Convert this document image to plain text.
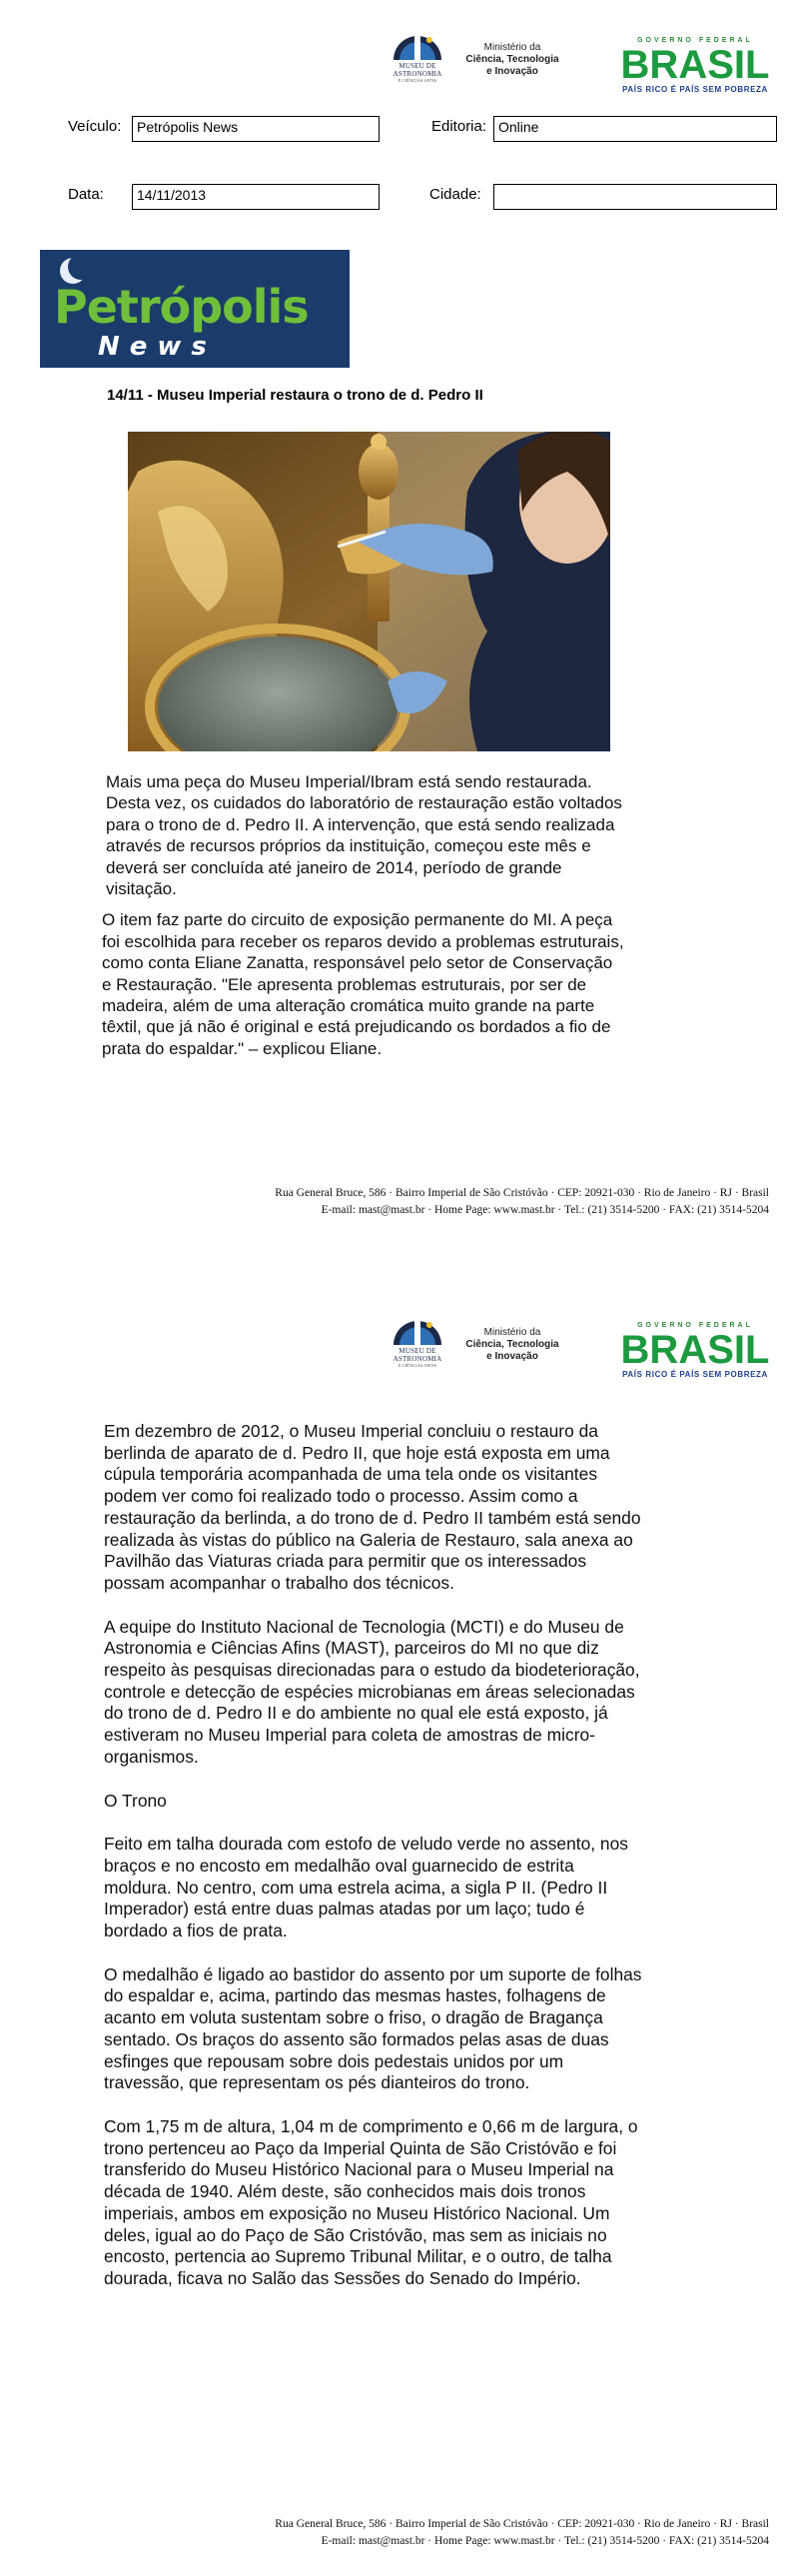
MUSEU DE
ASTRONOMIA
E CIÊNCIAS AFINS
Ministério da
Ciência, Tecnologia
e Inovação
GOVERNO FEDERAL
BRASIL
PAÍS RICO É PAÍS SEM POBREZA
Veículo:	Petrópolis News	Editoria: Online
Data:	14/11/2013	Cidade:
Petrópolis
News
14/11 - Museu Imperial restaura o trono de d. Pedro II

Mais uma peça do Museu Imperial/Ibram está sendo restaurada. Desta vez, os cuidados do laboratório de restauração estão voltados para o trono de d. Pedro II. A intervenção, que está sendo realizada através de recursos próprios da instituição, começou este mês e deverá ser concluída até janeiro de 2014, período de grande visitação.

O item faz parte do circuito de exposição permanente do MI. A peça foi escolhida para receber os reparos devido a problemas estruturais, como conta Eliane Zanatta, responsável pelo setor de Conservação e Restauração. "Ele apresenta problemas estruturais, por ser de madeira, além de uma alteração cromática muito grande na parte têxtil, que já não é original e está prejudicando os bordados a fio de prata do espaldar." – explicou Eliane.

Rua General Bruce, 586 · Bairro Imperial de São Cristóvão · CEP: 20921-030 · Rio de Janeiro · RJ · Brasil
E-mail: mast@mast.br · Home Page: www.mast.br · Tel.: (21) 3514-5200 · FAX: (21) 3514-5204
MUSEU DE
ASTRONOMIA
E CIÊNCIAS AFINS
Ministério da
Ciência, Tecnologia
e Inovação
GOVERNO FEDERAL
BRASIL
PAÍS RICO É PAÍS SEM POBREZA

Em dezembro de 2012, o Museu Imperial concluiu o restauro da berlinda de aparato de d. Pedro II, que hoje está exposta em uma cúpula temporária acompanhada de uma tela onde os visitantes podem ver como foi realizado todo o processo. Assim como a restauração da berlinda, a do trono de d. Pedro II também está sendo realizada às vistas do público na Galeria de Restauro, sala anexa ao Pavilhão das Viaturas criada para permitir que os interessados possam acompanhar o trabalho dos técnicos.

A equipe do Instituto Nacional de Tecnologia (MCTI) e do Museu de Astronomia e Ciências Afins (MAST), parceiros do MI no que diz respeito às pesquisas direcionadas para o estudo da biodeterioração, controle e detecção de espécies microbianas em áreas selecionadas do trono de d. Pedro II e do ambiente no qual ele está exposto, já estiveram no Museu Imperial para coleta de amostras de micro-organismos.

O Trono

Feito em talha dourada com estofo de veludo verde no assento, nos braços e no encosto em medalhão oval guarnecido de estrita moldura. No centro, com uma estrela acima, a sigla P II. (Pedro II Imperador) está entre duas palmas atadas por um laço; tudo é bordado a fios de prata.

O medalhão é ligado ao bastidor do assento por um suporte de folhas do espaldar e, acima, partindo das mesmas hastes, folhagens de acanto em voluta sustentam sobre o friso, o dragão de Bragança sentado. Os braços do assento são formados pelas asas de duas esfinges que repousam sobre dois pedestais unidos por um travessão, que representam os pés dianteiros do trono.

Com 1,75 m de altura, 1,04 m de comprimento e 0,66 m de largura, o trono pertenceu ao Paço da Imperial Quinta de São Cristóvão e foi transferido do Museu Histórico Nacional para o Museu Imperial na década de 1940. Além deste, são conhecidos mais dois tronos imperiais, ambos em exposição no Museu Histórico Nacional. Um deles, igual ao do Paço de São Cristóvão, mas sem as iniciais no encosto, pertencia ao Supremo Tribunal Militar, e o outro, de talha dourada, ficava no Salão das Sessões do Senado do Império.

Rua General Bruce, 586 · Bairro Imperial de São Cristóvão · CEP: 20921-030 · Rio de Janeiro · RJ · Brasil
E-mail: mast@mast.br · Home Page: www.mast.br · Tel.: (21) 3514-5200 · FAX: (21) 3514-5204
